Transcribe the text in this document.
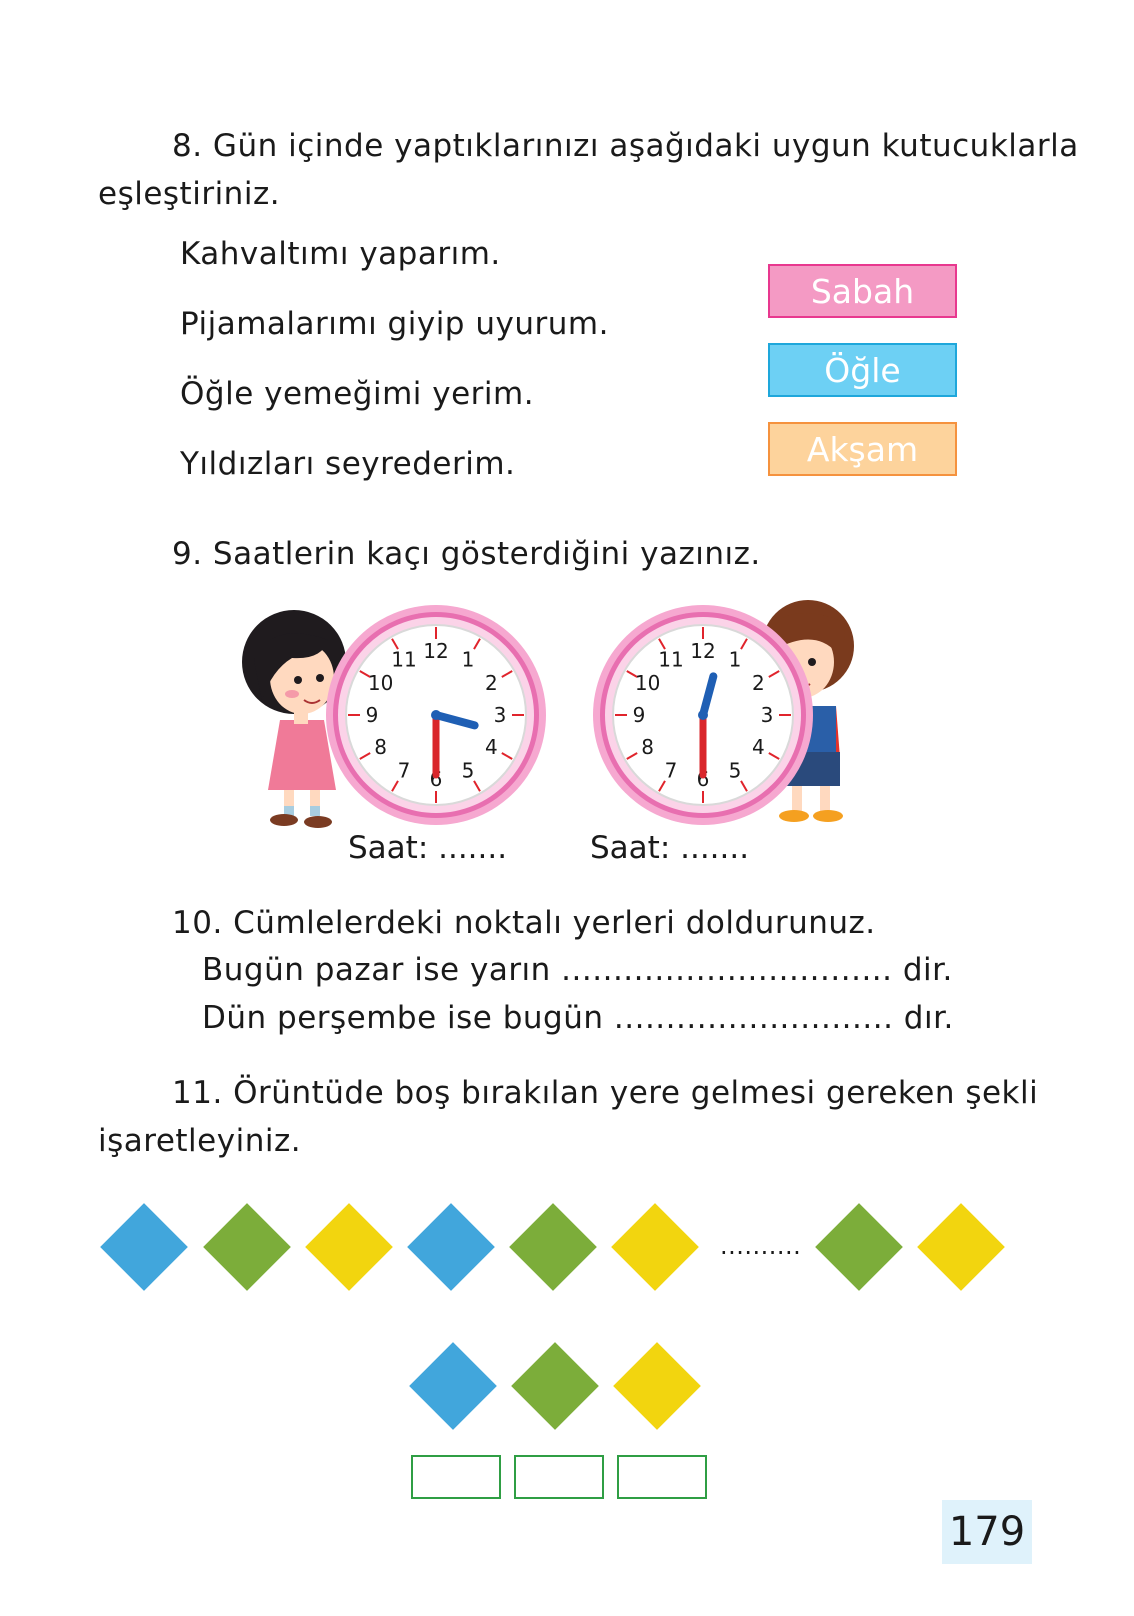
8. Gün içinde yaptıklarınızı aşağıdaki uygun kutucuklarla
eşleştiriniz.
Kahvaltımı yaparım.
Pijamalarımı giyip uyurum.
Öğle yemeğimi yerim.
Yıldızları seyrederim.
Sabah
Öğle
Akşam
9. Saatlerin kaçı gösterdiğini yazınız.
12 1
2
3
4
5
6
7
8
9
10
11	12 1
2
3
4
5
6
7
8
9
10
11
Saat: .......	Saat: .......
10. Cümlelerdeki noktalı yerleri doldurunuz.
Bugün pazar ise yarın ................................ dir.
Dün perşembe ise bugün ........................... dır.
11. Örüntüde boş bırakılan yere gelmesi gereken şekli
işaretleyiniz.
..........
179
